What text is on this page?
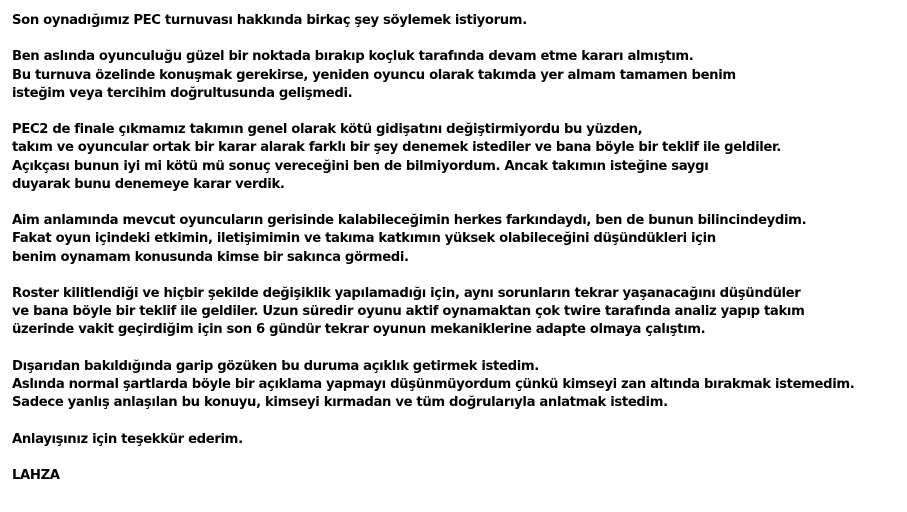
Son oynadığımız PEC turnuvası hakkında birkaç şey söylemek istiyorum.
Ben aslında oyunculuğu güzel bir noktada bırakıp koçluk tarafında devam etme kararı almıştım.
Bu turnuva özelinde konuşmak gerekirse, yeniden oyuncu olarak takımda yer almam tamamen benim
isteğim veya tercihim doğrultusunda gelişmedi.
PEC2 de finale çıkmamız takımın genel olarak kötü gidişatını değiştirmiyordu bu yüzden,
takım ve oyuncular ortak bir karar alarak farklı bir şey denemek istediler ve bana böyle bir teklif ile geldiler.
Açıkçası bunun iyi mi kötü mü sonuç vereceğini ben de bilmiyordum. Ancak takımın isteğine saygı
duyarak bunu denemeye karar verdik.
Aim anlamında mevcut oyuncuların gerisinde kalabileceğimin herkes farkındaydı, ben de bunun bilincindeydim.
Fakat oyun içindeki etkimin, iletişimimin ve takıma katkımın yüksek olabileceğini düşündükleri için
benim oynamam konusunda kimse bir sakınca görmedi.
Roster kilitlendiği ve hiçbir şekilde değişiklik yapılamadığı için, aynı sorunların tekrar yaşanacağını düşündüler
ve bana böyle bir teklif ile geldiler. Uzun süredir oyunu aktif oynamaktan çok twire tarafında analiz yapıp takım
üzerinde vakit geçirdiğim için son 6 gündür tekrar oyunun mekaniklerine adapte olmaya çalıştım.
Dışarıdan bakıldığında garip gözüken bu duruma açıklık getirmek istedim.
Aslında normal şartlarda böyle bir açıklama yapmayı düşünmüyordum çünkü kimseyi zan altında bırakmak istemedim.
Sadece yanlış anlaşılan bu konuyu, kimseyi kırmadan ve tüm doğrularıyla anlatmak istedim.
Anlayışınız için teşekkür ederim.
LAHZA
